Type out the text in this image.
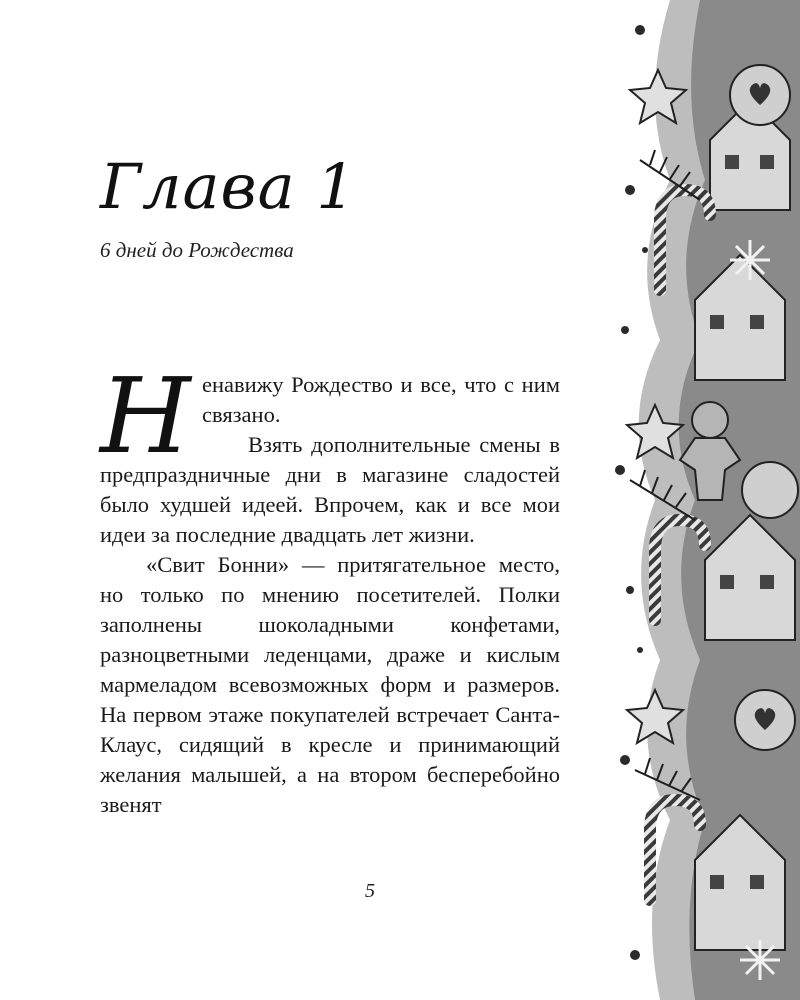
Глава 1

6 дней до Рождества

Н енавижу Рождество и все, что с ним связано.

Взять дополнительные смены в предпраздничные дни в магазине сладостей было худшей идеей. Впрочем, как и все мои идеи за последние двадцать лет жизни.

«Свит Бонни» — притягательное место, но только по мнению посетителей. Полки заполнены шоколадными конфетами, разноцветными леденцами, драже и кислым мармеладом всевозможных форм и размеров. На первом этаже покупателей встречает Санта-Клаус, сидящий в кресле и принимающий желания малышей, а на втором бесперебойно звенят

5
